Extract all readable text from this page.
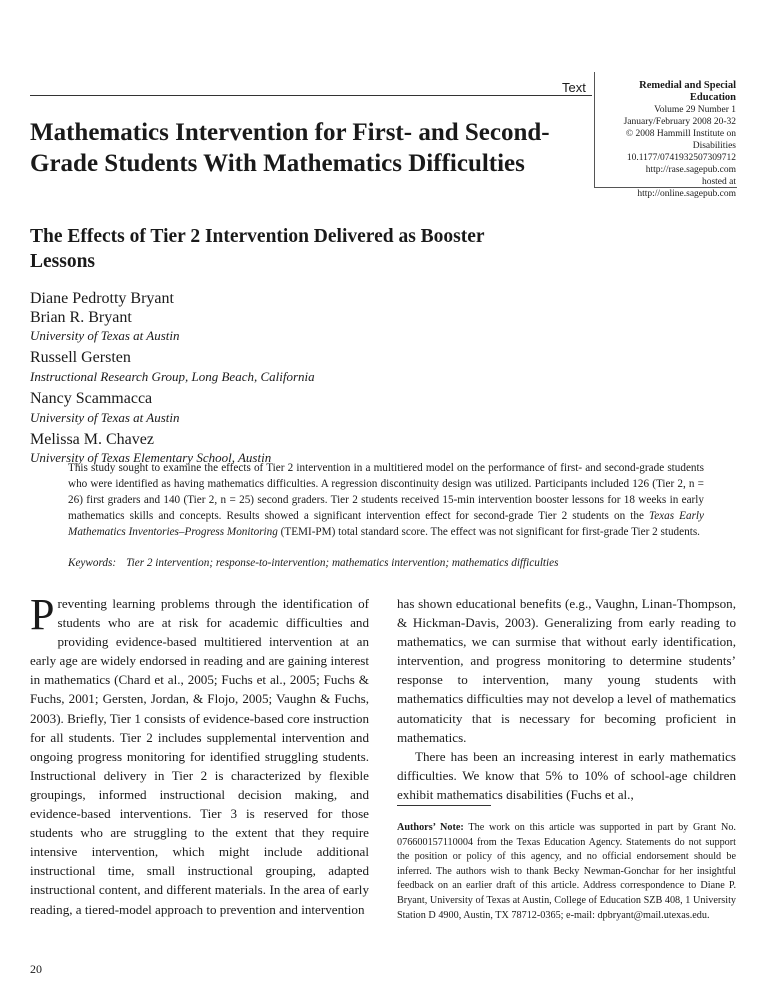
Text	Remedial and Special Education
Volume 29 Number 1
January/February 2008 20-32
© 2008 Hammill Institute on
Disabilities
10.1177/0741932507309712
http://rase.sagepub.com
hosted at
http://online.sagepub.com
Mathematics Intervention for First- and Second-Grade Students With Mathematics Difficulties
The Effects of Tier 2 Intervention Delivered as Booster Lessons
Diane Pedrotty Bryant
Brian R. Bryant
University of Texas at Austin
Russell Gersten
Instructional Research Group, Long Beach, California
Nancy Scammacca
University of Texas at Austin
Melissa M. Chavez
University of Texas Elementary School, Austin

This study sought to examine the effects of Tier 2 intervention in a multitiered model on the performance of first- and second-grade students who were identified as having mathematics difficulties. A regression discontinuity design was utilized. Participants included 126 (Tier 2, n = 26) first graders and 140 (Tier 2, n = 25) second graders. Tier 2 students received 15-min intervention booster lessons for 18 weeks in early mathematics skills and concepts. Results showed a significant intervention effect for second-grade Tier 2 students on the Texas Early Mathematics Inventories–Progress Monitoring (TEMI-PM) total standard score. The effect was not significant for first-grade Tier 2 students.

Keywords: Tier 2 intervention; response-to-intervention; mathematics intervention; mathematics difficulties

Preventing learning problems through the identification of students who are at risk for academic difficulties and providing evidence-based multitiered intervention at an early age are widely endorsed in reading and are gaining interest in mathematics (Chard et al., 2005; Fuchs et al., 2005; Fuchs & Fuchs, 2001; Gersten, Jordan, & Flojo, 2005; Vaughn & Fuchs, 2003). Briefly, Tier 1 consists of evidence-based core instruction for all students. Tier 2 includes supplemental intervention and ongoing progress monitoring for identified struggling students. Instructional delivery in Tier 2 is characterized by flexible groupings, informed instructional decision making, and evidence-based interventions. Tier 3 is reserved for those students who are struggling to the extent that they require intensive intervention, which might include additional instructional time, small instructional grouping, adapted instructional content, and different materials. In the area of early reading, a tiered-model approach to prevention and intervention

has shown educational benefits (e.g., Vaughn, Linan-Thompson, & Hickman-Davis, 2003). Generalizing from early reading to mathematics, we can surmise that without early identification, intervention, and progress monitoring to determine students’ response to intervention, many young students with mathematics difficulties may not develop a level of mathematics automaticity that is necessary for becoming proficient in mathematics.

There has been an increasing interest in early mathematics difficulties. We know that 5% to 10% of school-age children exhibit mathematics disabilities (Fuchs et al.,

Authors’ Note: The work on this article was supported in part by Grant No. 076600157110004 from the Texas Education Agency. Statements do not support the position or policy of this agency, and no official endorsement should be inferred. The authors wish to thank Becky Newman-Gonchar for her insightful feedback on an earlier draft of this article. Address correspondence to Diane P. Bryant, University of Texas at Austin, College of Education SZB 408, 1 University Station D 4900, Austin, TX 78712-0365; e-mail: dpbryant@mail.utexas.edu.

20
